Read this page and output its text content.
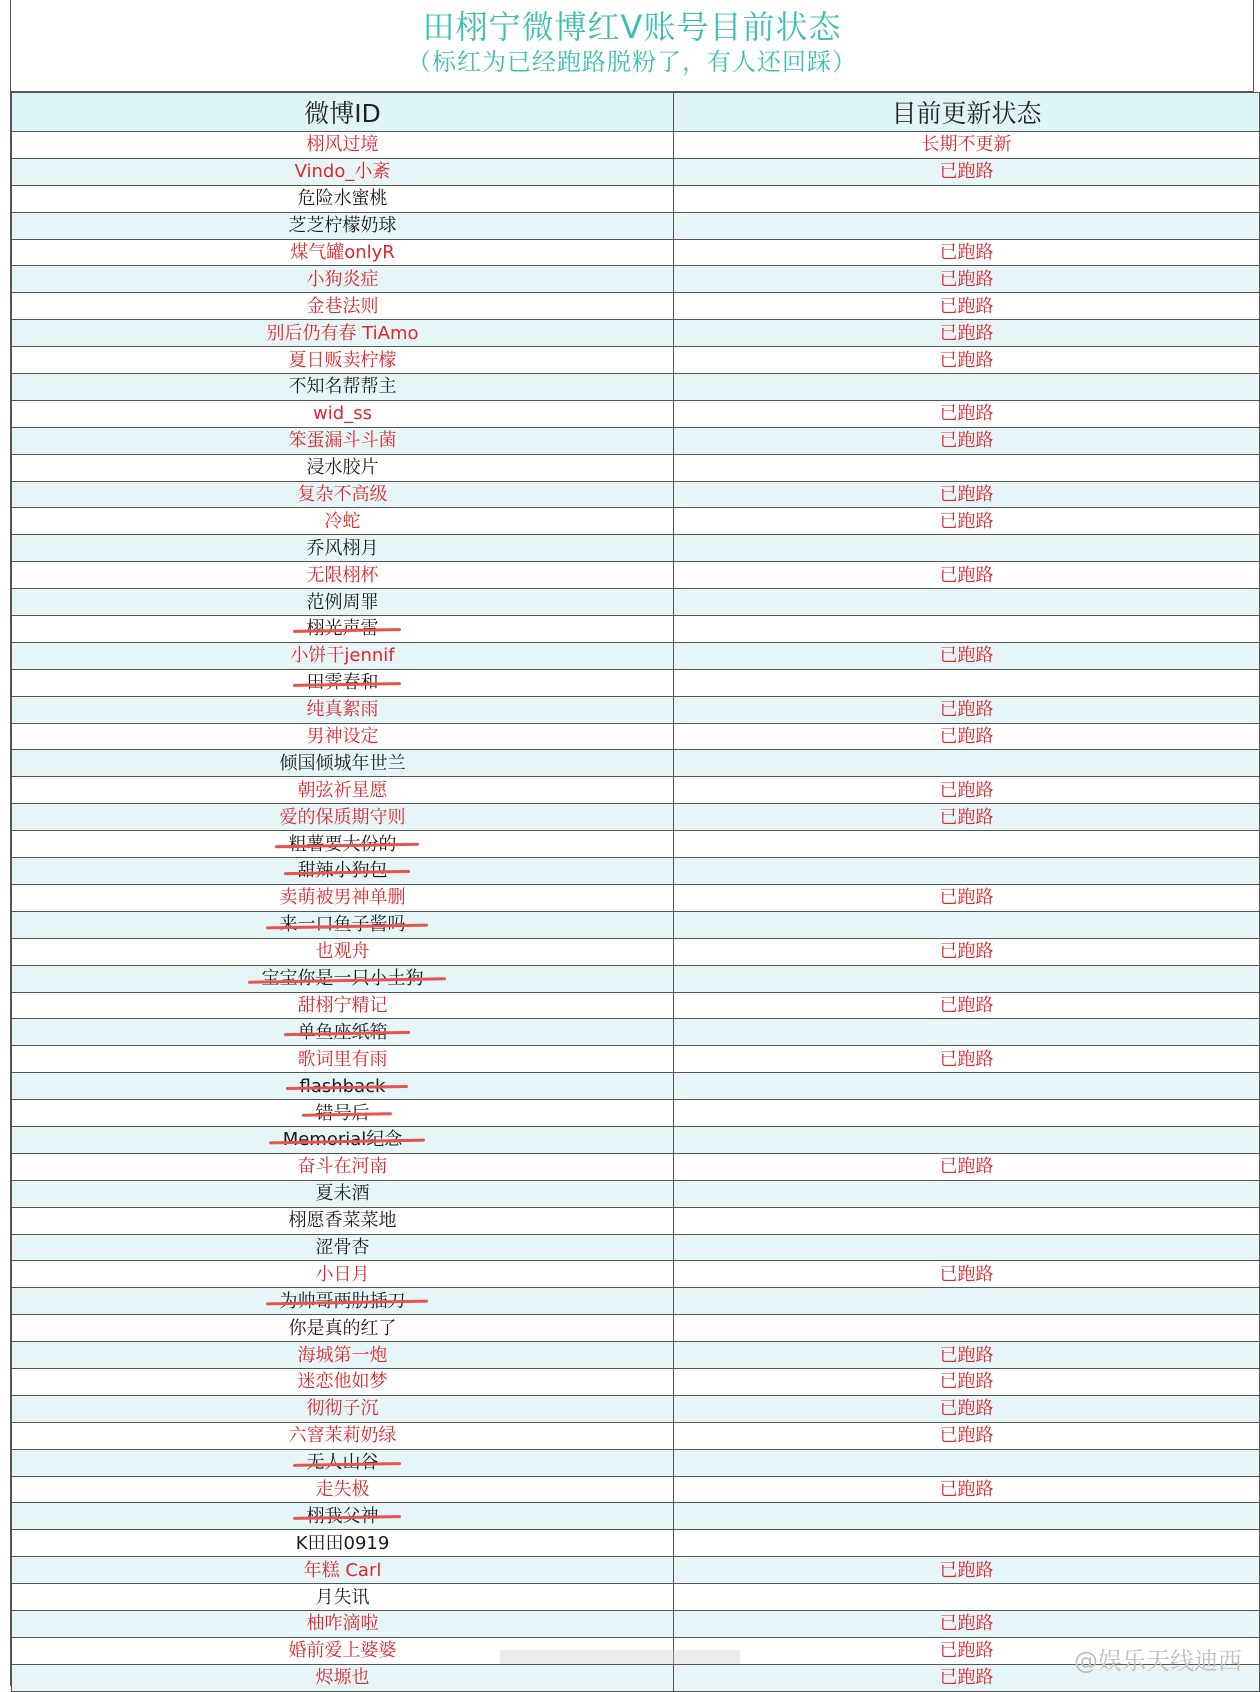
田栩宁微博红V账号目前状态
（标红为已经跑路脱粉了，有人还回踩）
微博ID	目前更新状态
栩风过境	长期不更新
Vindo_小紊	已跑路
危险水蜜桃	
芝芝柠檬奶球	
煤气罐onlyR	已跑路
小狗炎症	已跑路
金巷法则	已跑路
别后仍有春 TiAmo	已跑路
夏日贩卖柠檬	已跑路
不知名帮帮主	
wid_ss	已跑路
笨蛋漏斗斗菌	已跑路
浸水胶片	
复杂不高级	已跑路
冷蛇	已跑路
乔风栩月	
无限栩杯	已跑路
范例周罪	
栩光声雷	
小饼干jennif	已跑路
田霁春和	
纯真絮雨	已跑路
男神设定	已跑路
倾国倾城年世兰	
朝弦祈星愿	已跑路
爱的保质期守则	已跑路
粗薯要大份的	
甜辣小狗包	
卖萌被男神单删	已跑路
来一口鱼子酱吗	
也观舟	已跑路
宝宝你是一只小土狗	
甜栩宁精记	已跑路
单鱼座纸箱	
歌词里有雨	已跑路
flashback	
错号后	
Memorial纪念	
奋斗在河南	已跑路
夏未酒	
栩愿香菜菜地	
涩骨杏	
小日月	已跑路
为帅哥两肋插刀	
你是真的红了	
海城第一炮	已跑路
迷恋他如梦	已跑路
彻彻子沉	已跑路
六窨茉莉奶绿	已跑路
无人山谷	
走失极	已跑路
栩我父神	
K田田0919	
年糕 Carl	已跑路
月失讯	
柚咋滴啦	已跑路
婚前爱上婆婆	已跑路
烬塬也	已跑路	@娱乐天线迪西
